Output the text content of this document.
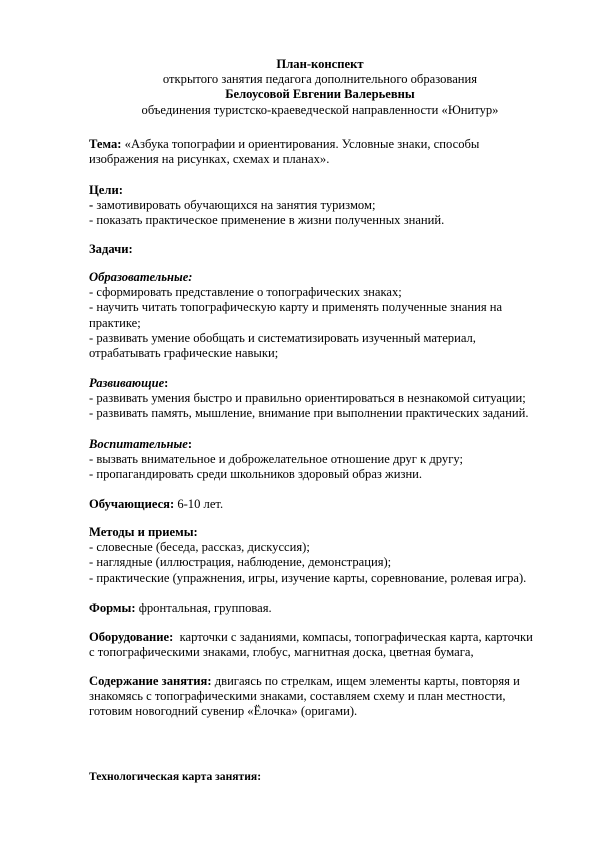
План-конспект
открытого занятия педагога дополнительного образования
Белоусовой Евгении Валерьевны
объединения туристско-краеведческой направленности «Юнитур»
Тема: «Азбука топографии и ориентирования. Условные знаки, способы
изображения на рисунках, схемах и планах».
Цели:
- замотивировать обучающихся на занятия туризмом;
- показать практическое применение в жизни полученных знаний.
Задачи:
Образовательные:
- сформировать представление о топографических знаках;
- научить читать топографическую карту и применять полученные знания на
практике;
- развивать умение обобщать и систематизировать изученный материал,
отрабатывать графические навыки;
Развивающие:
- развивать умения быстро и правильно ориентироваться в незнакомой ситуации;
- развивать память, мышление, внимание при выполнении практических заданий.
Воспитательные:
- вызвать внимательное и доброжелательное отношение друг к другу;
- пропагандировать среди школьников здоровый образ жизни.
Обучающиеся: 6-10 лет.
Методы и приемы:
- словесные (беседа, рассказ, дискуссия);
- наглядные (иллюстрация, наблюдение, демонстрация);
- практические (упражнения, игры, изучение карты, соревнование, ролевая игра).
Формы: фронтальная, групповая.
Оборудование:  карточки с заданиями, компасы, топографическая карта, карточки
с топографическими знаками, глобус, магнитная доска, цветная бумага,
Содержание занятия: двигаясь по стрелкам, ищем элементы карты, повторяя и
знакомясь с топографическими знаками, составляем схему и план местности,
готовим новогодний сувенир «Ёлочка» (оригами).
Технологическая карта занятия:
